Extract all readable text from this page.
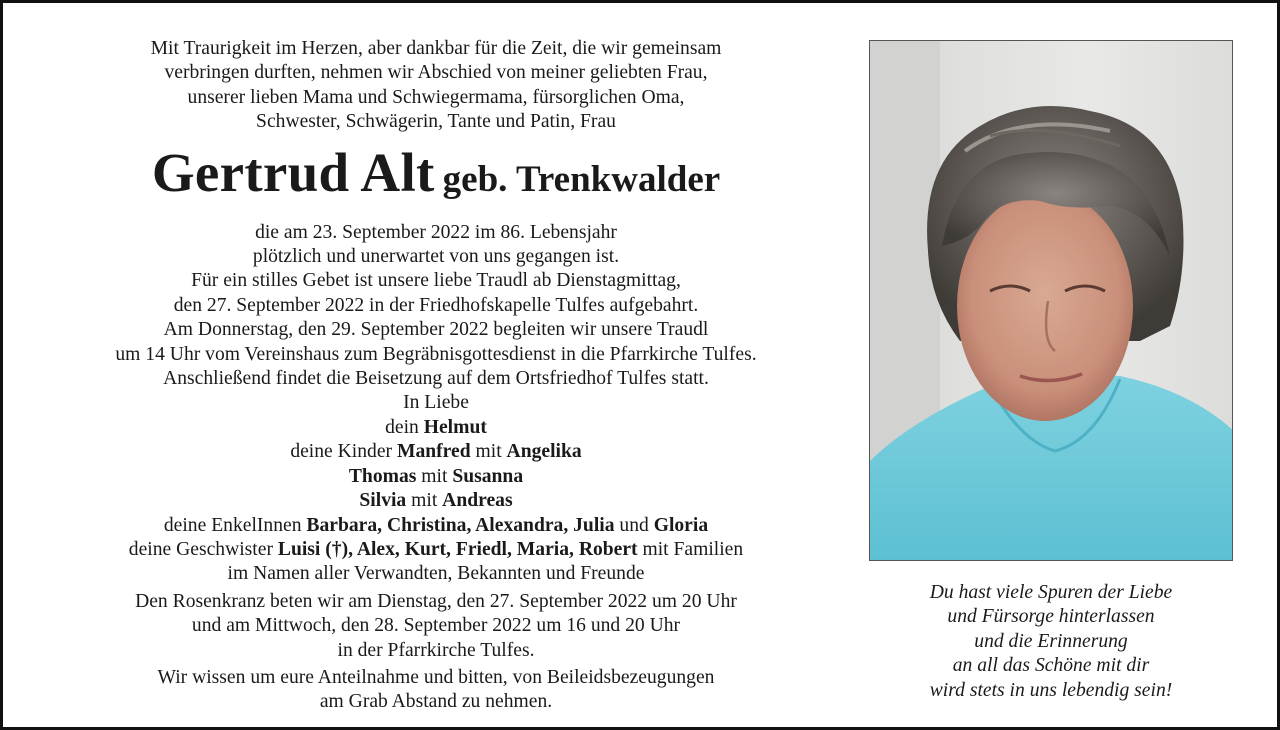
Mit Traurigkeit im Herzen, aber dankbar für die Zeit, die wir gemeinsam
verbringen durften, nehmen wir Abschied von meiner geliebten Frau,
unserer lieben Mama und Schwiegermama, fürsorglichen Oma,
Schwester, Schwägerin, Tante und Patin, Frau
Gertrud Alt geb. Trenkwalder
die am 23. September 2022 im 86. Lebensjahr
plötzlich und unerwartet von uns gegangen ist.
Für ein stilles Gebet ist unsere liebe Traudl ab Dienstagmittag,
den 27. September 2022 in der Friedhofskapelle Tulfes aufgebahrt.
Am Donnerstag, den 29. September 2022 begleiten wir unsere Traudl
um 14 Uhr vom Vereinshaus zum Begräbnisgottesdienst in die Pfarrkirche Tulfes.
Anschließend findet die Beisetzung auf dem Ortsfriedhof Tulfes statt.
In Liebe
dein Helmut
deine Kinder Manfred mit Angelika
Thomas mit Susanna
Silvia mit Andreas
deine EnkelInnen Barbara, Christina, Alexandra, Julia und Gloria
deine Geschwister Luisi (†), Alex, Kurt, Friedl, Maria, Robert mit Familien
im Namen aller Verwandten, Bekannten und Freunde
Den Rosenkranz beten wir am Dienstag, den 27. September 2022 um 20 Uhr
und am Mittwoch, den 28. September 2022 um 16 und 20 Uhr
in der Pfarrkirche Tulfes.
Wir wissen um eure Anteilnahme und bitten, von Beileidsbezeugungen
am Grab Abstand zu nehmen.
Du hast viele Spuren der Liebe
und Fürsorge hinterlassen
und die Erinnerung
an all das Schöne mit dir
wird stets in uns lebendig sein!
